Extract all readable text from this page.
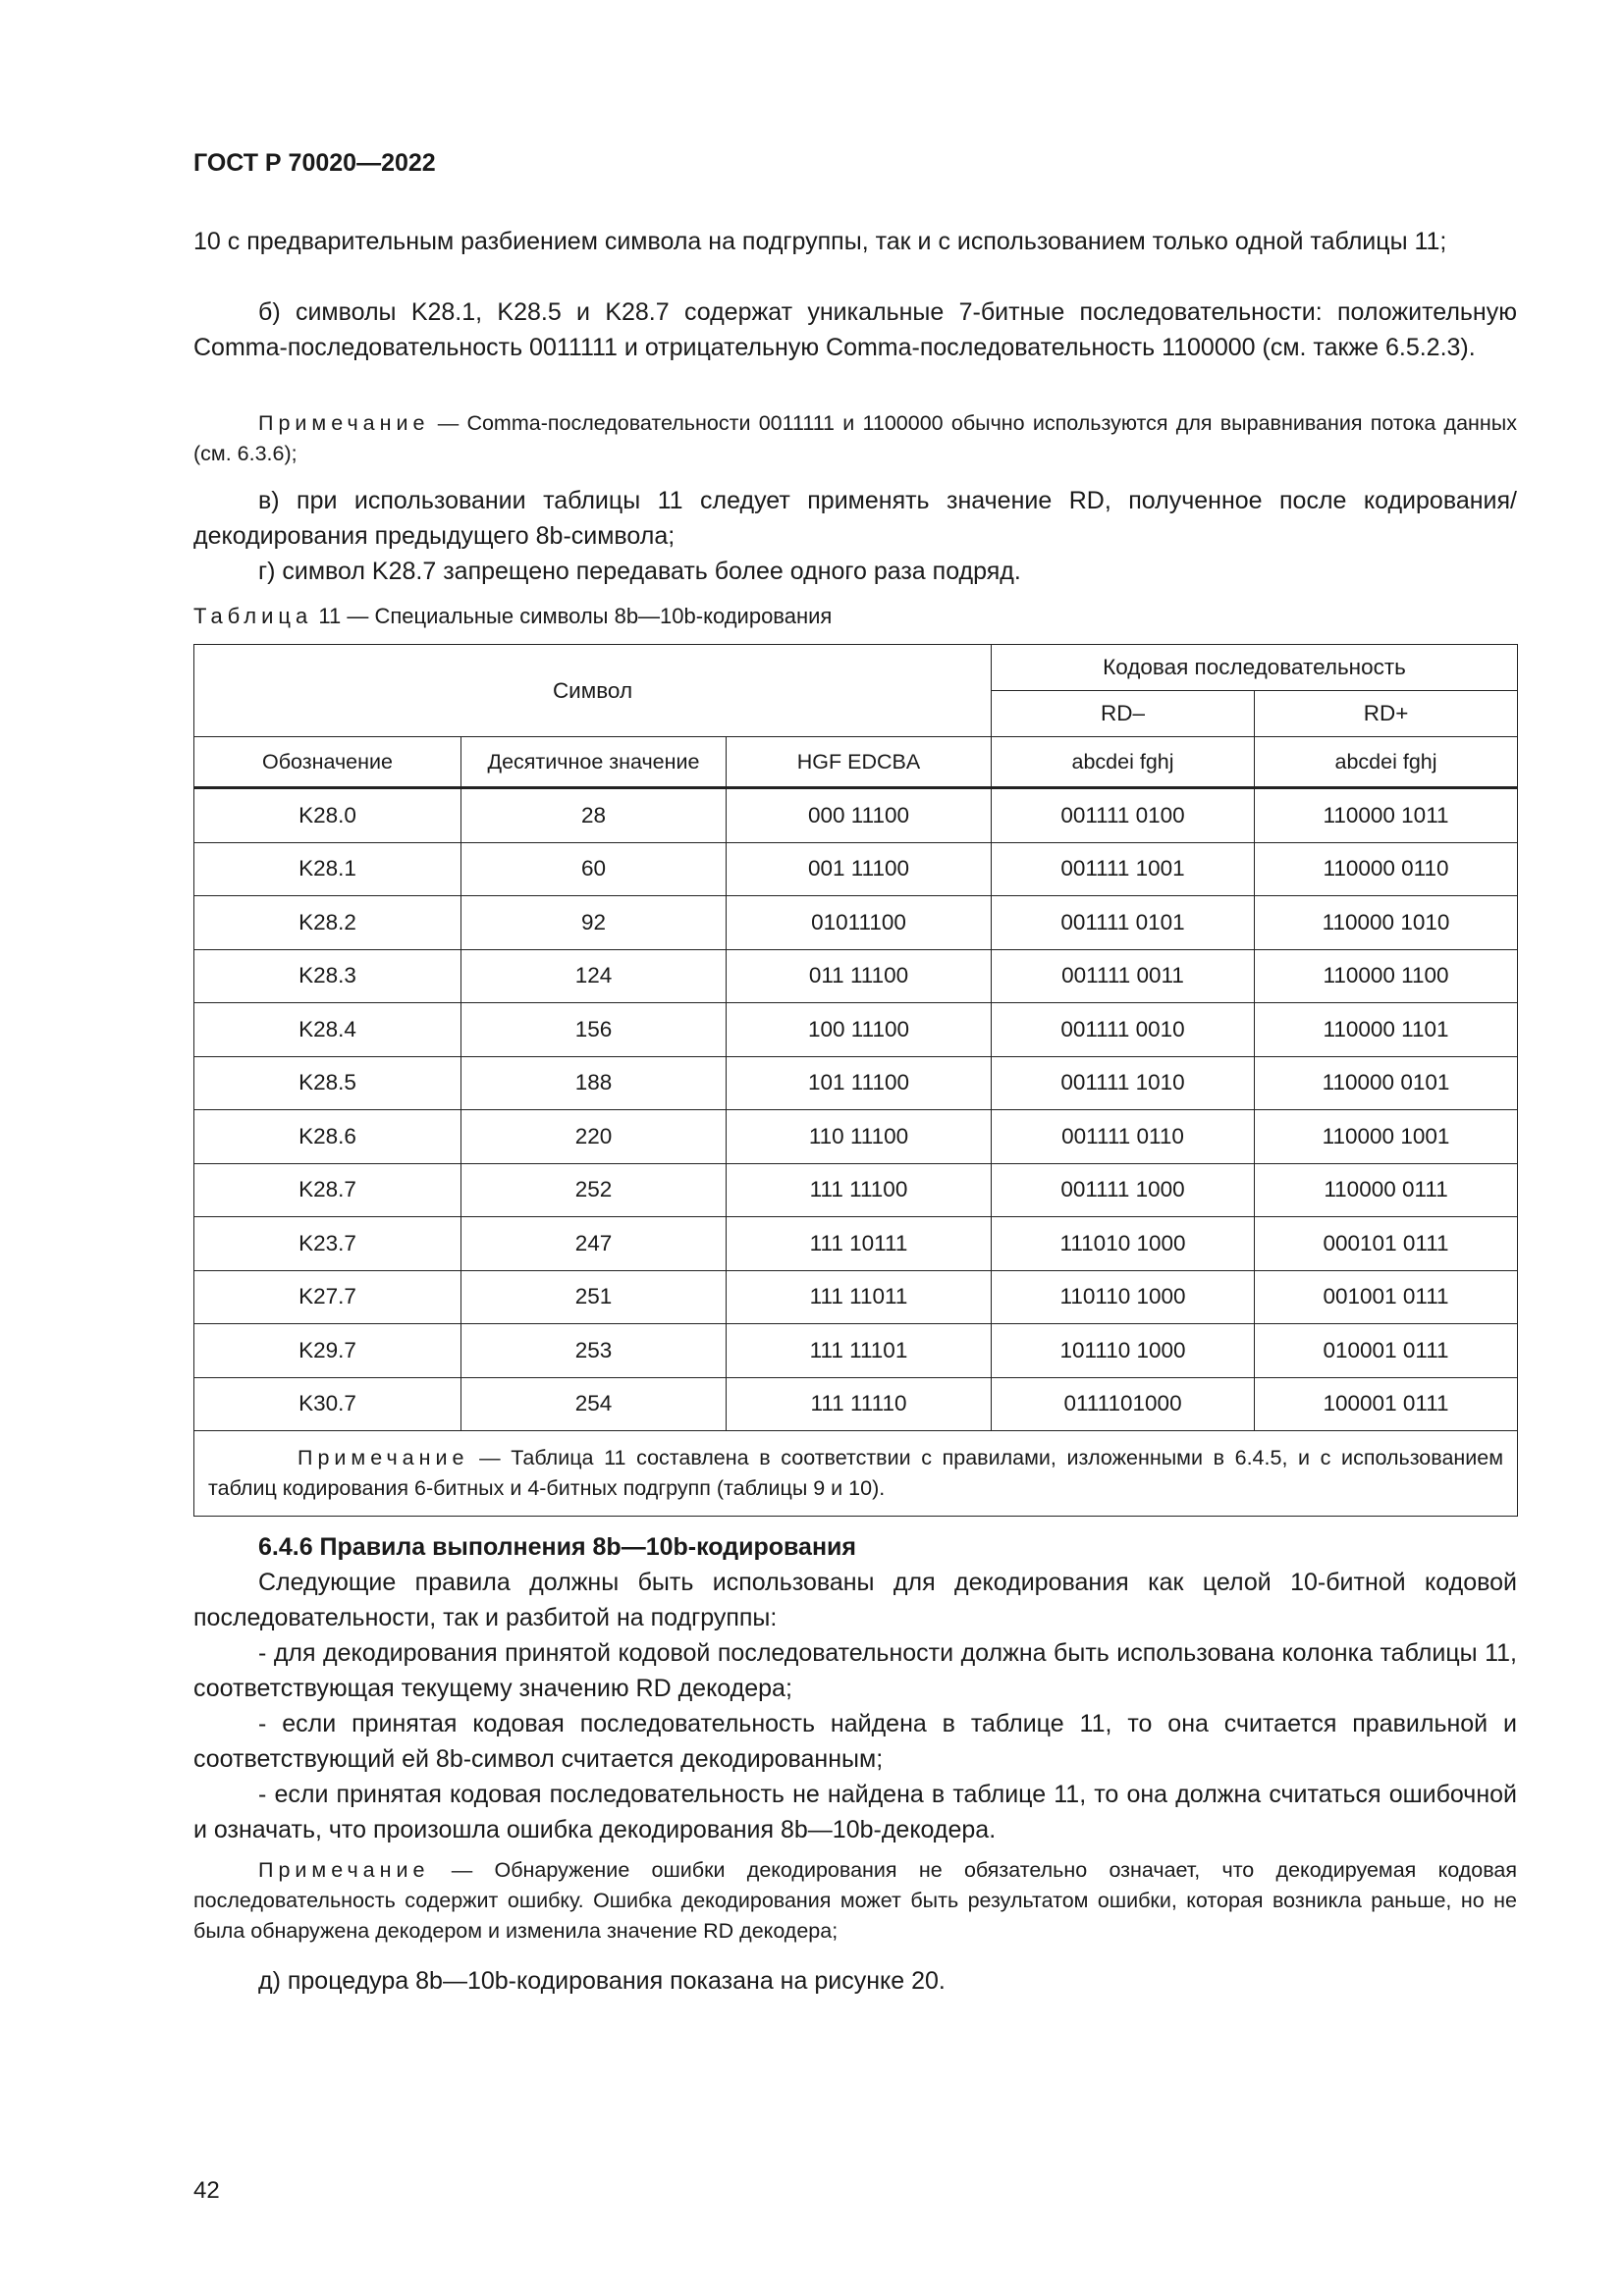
ГОСТ Р 70020—2022

10 с предварительным разбиением символа на подгруппы, так и с использованием только одной таблицы 11;

б) символы K28.1, K28.5 и K28.7 содержат уникальные 7-битные последовательности: положительную Comma-последовательность 0011111 и отрицательную Comma-последовательность 1100000 (см. также 6.5.2.3).

Примечание — Comma-последовательности 0011111 и 1100000 обычно используются для выравнивания потока данных (см. 6.3.6);

в) при использовании таблицы 11 следует применять значение RD, полученное после кодирования/декодирования предыдущего 8b-символа;

г) символ K28.7 запрещено передавать более одного раза подряд.

Таблица 11 — Специальные символы 8b—10b-кодирования
Символ			Кодовая последовательность	
			RD–	RD+
Обозначение	Десятичное значение	HGF EDCBA	abcdei fghj	abcdei fghj
K28.0	28	000 11100	001111 0100	110000 1011
K28.1	60	001 11100	001111 1001	110000 0110
K28.2	92	01011100	001111 0101	110000 1010
K28.3	124	011 11100	001111 0011	110000 1100
K28.4	156	100 11100	001111 0010	110000 1101
K28.5	188	101 11100	001111 1010	110000 0101
K28.6	220	110 11100	001111 0110	110000 1001
K28.7	252	111 11100	001111 1000	110000 0111
K23.7	247	111 10111	111010 1000	000101 0111
K27.7	251	111 11011	110110 1000	001001 0111
K29.7	253	111 11101	101110 1000	010001 0111
K30.7	254	111 11110	0111101000	100001 0111
Примечание — Таблица 11 составлена в соответствии с правилами, изложенными в 6.4.5, и с использованием таблиц кодирования 6-битных и 4-битных подгрупп (таблицы 9 и 10).				

6.4.6 Правила выполнения 8b—10b-кодирования

Следующие правила должны быть использованы для декодирования как целой 10-битной кодовой последовательности, так и разбитой на подгруппы:

- для декодирования принятой кодовой последовательности должна быть использована колонка таблицы 11, соответствующая текущему значению RD декодера;

- если принятая кодовая последовательность найдена в таблице 11, то она считается правильной и соответствующий ей 8b-символ считается декодированным;

- если принятая кодовая последовательность не найдена в таблице 11, то она должна считаться ошибочной и означать, что произошла ошибка декодирования 8b—10b-декодера.

Примечание — Обнаружение ошибки декодирования не обязательно означает, что декодируемая кодовая последовательность содержит ошибку. Ошибка декодирования может быть результатом ошибки, которая возникла раньше, но не была обнаружена декодером и изменила значение RD декодера;

д) процедура 8b—10b-кодирования показана на рисунке 20.

42
